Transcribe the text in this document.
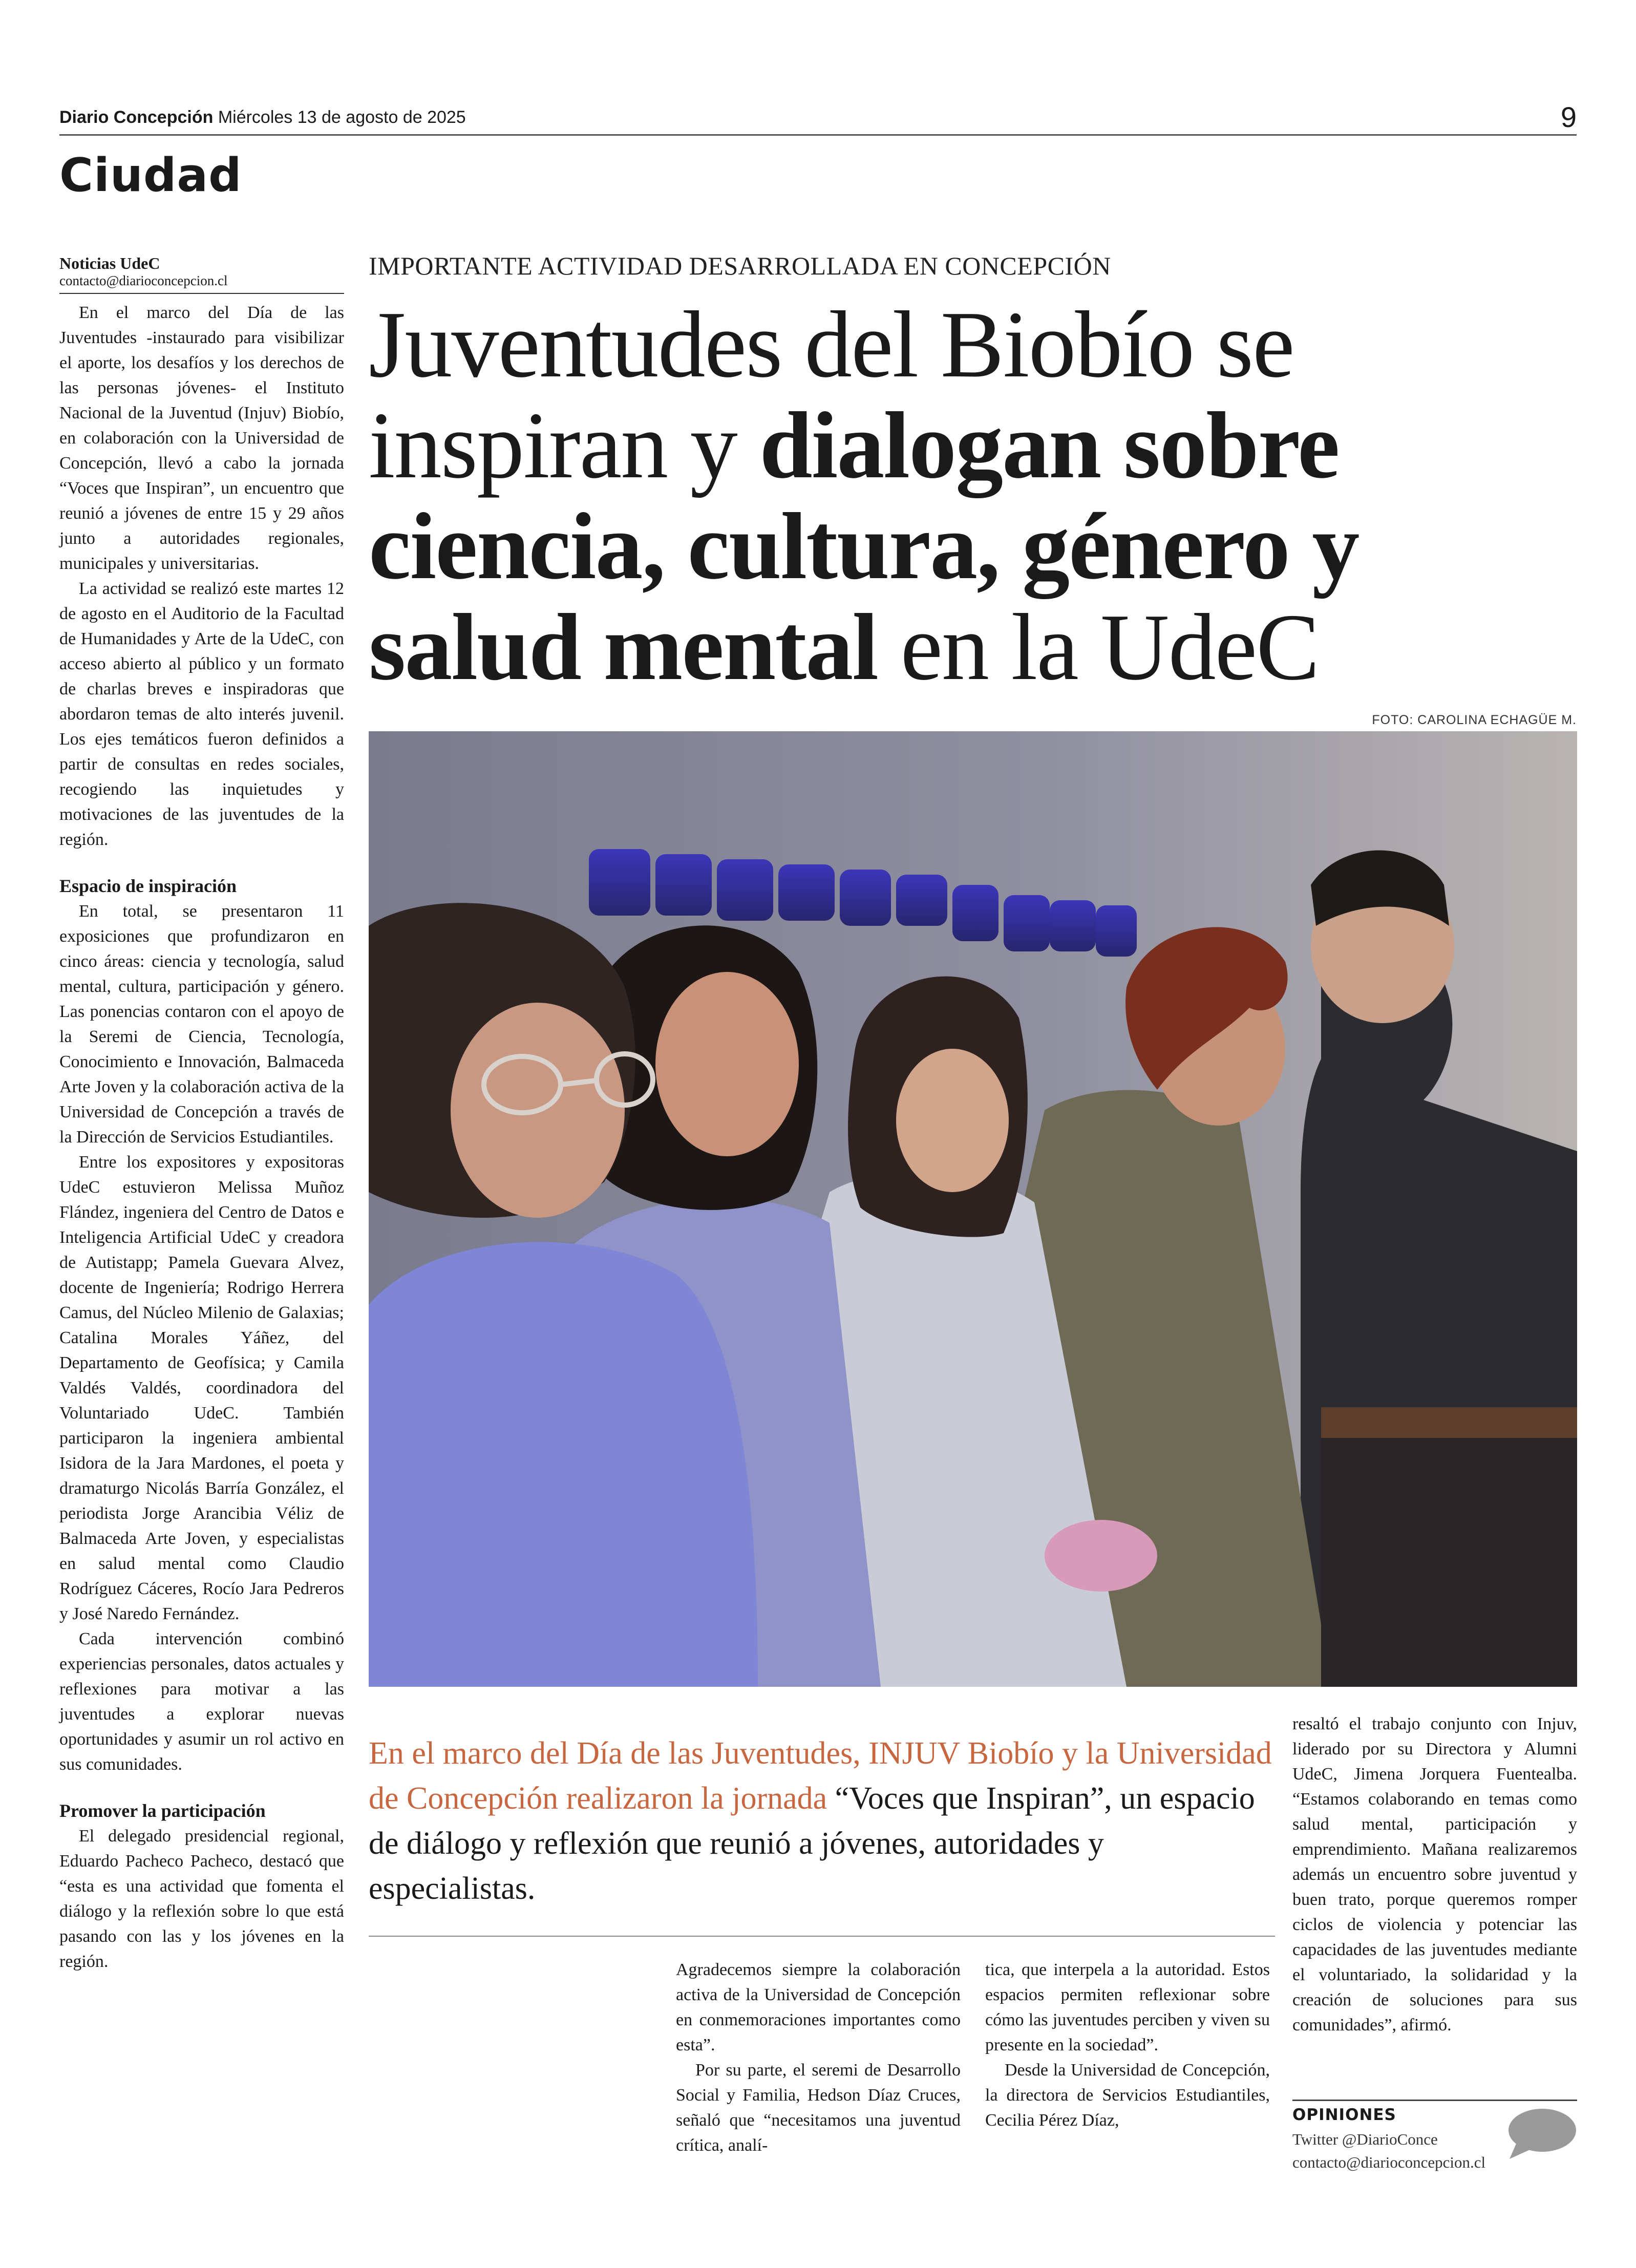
Diario Concepción Miércoles 13 de agosto de 2025	9
Ciudad
Noticias UdeC
contacto@diarioconcepcion.cl

En el marco del Día de las Juventudes -instaurado para visibilizar el aporte, los desafíos y los derechos de las personas jóvenes- el Instituto Nacional de la Juventud (Injuv) Biobío, en colaboración con la Universidad de Concepción, llevó a cabo la jornada “Voces que Inspiran”, un encuentro que reunió a jóvenes de entre 15 y 29 años junto a autoridades regionales, municipales y universitarias.

La actividad se realizó este martes 12 de agosto en el Auditorio de la Facultad de Humanidades y Arte de la UdeC, con acceso abierto al público y un formato de charlas breves e inspiradoras que abordaron temas de alto interés juvenil. Los ejes temáticos fueron definidos a partir de consultas en redes sociales, recogiendo las inquietudes y motivaciones de las juventudes de la región.

Espacio de inspiración

En total, se presentaron 11 exposiciones que profundizaron en cinco áreas: ciencia y tecnología, salud mental, cultura, participación y género. Las ponencias contaron con el apoyo de la Seremi de Ciencia, Tecnología, Conocimiento e Innovación, Balmaceda Arte Joven y la colaboración activa de la Universidad de Concepción a través de la Dirección de Servicios Estudiantiles.

Entre los expositores y expositoras UdeC estuvieron Melissa Muñoz Flández, ingeniera del Centro de Datos e Inteligencia Artificial UdeC y creadora de Autistapp; Pamela Guevara Alvez, docente de Ingeniería; Rodrigo Herrera Camus, del Núcleo Milenio de Galaxias; Catalina Morales Yáñez, del Departamento de Geofísica; y Camila Valdés Valdés, coordinadora del Voluntariado UdeC. También participaron la ingeniera ambiental Isidora de la Jara Mardones, el poeta y dramaturgo Nicolás Barría González, el periodista Jorge Arancibia Véliz de Balmaceda Arte Joven, y especialistas en salud mental como Claudio Rodríguez Cáceres, Rocío Jara Pedreros y José Naredo Fernández.

Cada intervención combinó experiencias personales, datos actuales y reflexiones para motivar a las juventudes a explorar nuevas oportunidades y asumir un rol activo en sus comunidades.

Promover la participación

El delegado presidencial regional, Eduardo Pacheco Pacheco, destacó que “esta es una actividad que fomenta el diálogo y la reflexión sobre lo que está pasando con las y los jóvenes en la región.

IMPORTANTE ACTIVIDAD DESARROLLADA EN CONCEPCIÓN
Juventudes del Biobío se inspiran y dialogan sobre ciencia, cultura, género y salud mental en la UdeC
FOTO: CAROLINA ECHAGÜE M.
En el marco del Día de las Juventudes, INJUV Biobío y la Universidad de Concepción realizaron la jornada “Voces que Inspiran”, un espacio de diálogo y reflexión que reunió a jóvenes, autoridades y especialistas.

Agradecemos siempre la colaboración activa de la Universidad de Concepción en conmemoraciones importantes como esta”.

Por su parte, el seremi de Desarrollo Social y Familia, Hedson Díaz Cruces, señaló que “necesitamos una juventud crítica, analí-

tica, que interpela a la autoridad. Estos espacios permiten reflexionar sobre cómo las juventudes perciben y viven su presente en la sociedad”.

Desde la Universidad de Concepción, la directora de Servicios Estudiantiles, Cecilia Pérez Díaz,

resaltó el trabajo conjunto con Injuv, liderado por su Directora y Alumni UdeC, Jimena Jorquera Fuentealba. “Estamos colaborando en temas como salud mental, participación y emprendimiento. Mañana realizaremos además un encuentro sobre juventud y buen trato, porque queremos romper ciclos de violencia y potenciar las capacidades de las juventudes mediante el voluntariado, la solidaridad y la creación de soluciones para sus comunidades”, afirmó.

OPINIONES
Twitter @DiarioConce
contacto@diarioconcepcion.cl
